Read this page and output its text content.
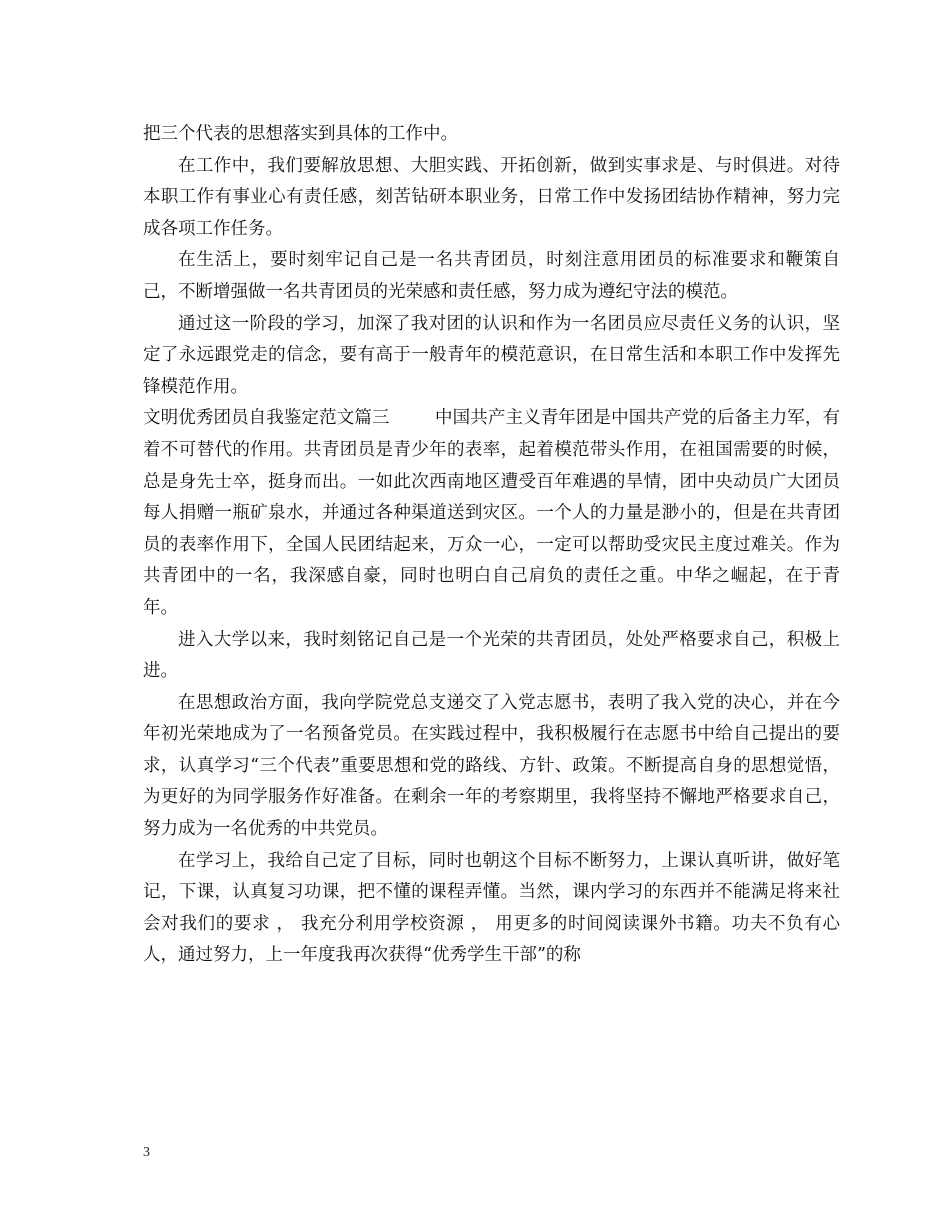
把三个代表的思想落实到具体的工作中。

在工作中，我们要解放思想、大胆实践、开拓创新，做到实事求是、与时俱进。对待本职工作有事业心有责任感，刻苦钻研本职业务，日常工作中发扬团结协作精神，努力完成各项工作任务。

在生活上，要时刻牢记自己是一名共青团员，时刻注意用团员的标准要求和鞭策自己，不断增强做一名共青团员的光荣感和责任感，努力成为遵纪守法的模范。

通过这一阶段的学习，加深了我对团的认识和作为一名团员应尽责任义务的认识，坚定了永远跟党走的信念，要有高于一般青年的模范意识，在日常生活和本职工作中发挥先锋模范作用。

文明优秀团员自我鉴定范文篇三	中国共产主义青年团是中国共产党的后备主力军，有着不可替代的作用。共青团员是青少年的表率，起着模范带头作用，在祖国需要的时候，总是身先士卒，挺身而出。一如此次西南地区遭受百年难遇的旱情，团中央动员广大团员每人捐赠一瓶矿泉水，并通过各种渠道送到灾区。一个人的力量是渺小的，但是在共青团员的表率作用下，全国人民团结起来，万众一心，一定可以帮助受灾民主度过难关。作为共青团中的一名，我深感自豪，同时也明白自己肩负的责任之重。中华之崛起，在于青年。

进入大学以来，我时刻铭记自己是一个光荣的共青团员，处处严格要求自己，积极上进。

在思想政治方面，我向学院党总支递交了入党志愿书，表明了我入党的决心，并在今年初光荣地成为了一名预备党员。在实践过程中，我积极履行在志愿书中给自己提出的要求，认真学习“三个代表”重要思想和党的路线、方针、政策。不断提高自身的思想觉悟，为更好的为同学服务作好准备。在剩余一年的考察期里，我将坚持不懈地严格要求自己，努力成为一名优秀的中共党员。

在学习上，我给自己定了目标，同时也朝这个目标不断努力，上课认真听讲，做好笔记，下课，认真复习功课，把不懂的课程弄懂。当然，课内学习的东西并不能满足将来社会对我们的要求 ， 我充分利用学校资源 ， 用更多的时间阅读课外书籍。功夫不负有心人，通过努力，上一年度我再次获得“优秀学生干部”的称

3
